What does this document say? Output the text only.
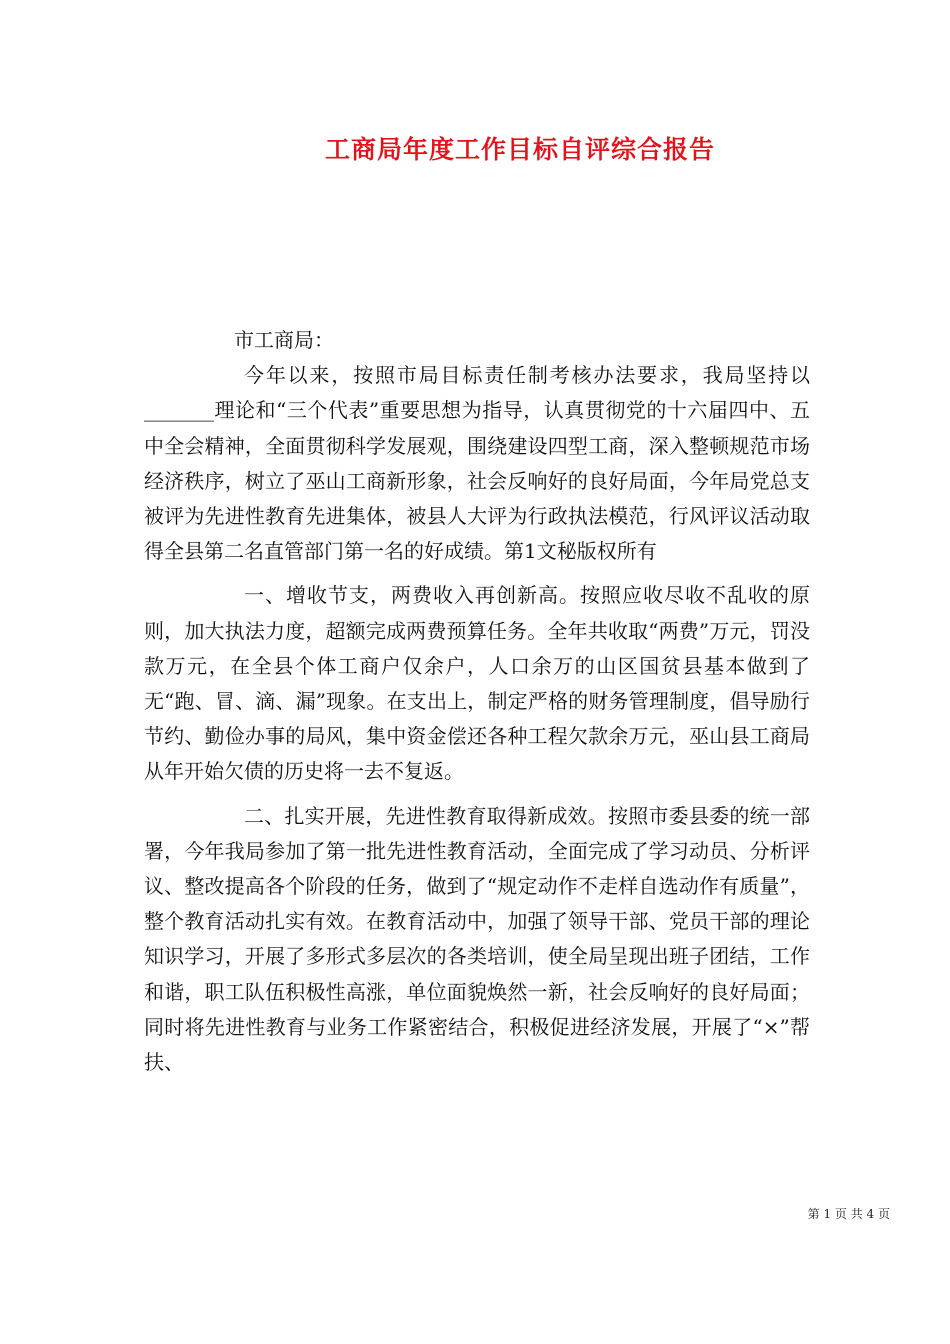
工商局年度工作目标自评综合报告

市工商局：

今年以来，按照市局目标责任制考核办法要求，我局坚持以_______理论和“三个代表”重要思想为指导，认真贯彻党的十六届四中、五中全会精神，全面贯彻科学发展观，围绕建设四型工商，深入整顿规范市场经济秩序，树立了巫山工商新形象，社会反响好的良好局面，今年局党总支被评为先进性教育先进集体，被县人大评为行政执法模范，行风评议活动取得全县第二名直管部门第一名的好成绩。第1文秘版权所有

一、增收节支，两费收入再创新高。按照应收尽收不乱收的原则，加大执法力度，超额完成两费预算任务。全年共收取“两费”万元，罚没款万元，在全县个体工商户仅余户，人口余万的山区国贫县基本做到了无“跑、冒、滴、漏”现象。在支出上，制定严格的财务管理制度，倡导励行节约、勤俭办事的局风，集中资金偿还各种工程欠款余万元，巫山县工商局从年开始欠债的历史将一去不复返。

二、扎实开展，先进性教育取得新成效。按照市委县委的统一部署，今年我局参加了第一批先进性教育活动，全面完成了学习动员、分析评议、整改提高各个阶段的任务，做到了“规定动作不走样自选动作有质量”，整个教育活动扎实有效。在教育活动中，加强了领导干部、党员干部的理论知识学习，开展了多形式多层次的各类培训，使全局呈现出班子团结，工作和谐，职工队伍积极性高涨，单位面貌焕然一新，社会反响好的良好局面；同时将先进性教育与业务工作紧密结合，积极促进经济发展，开展了“×”帮扶、

第 1 页 共 4 页
